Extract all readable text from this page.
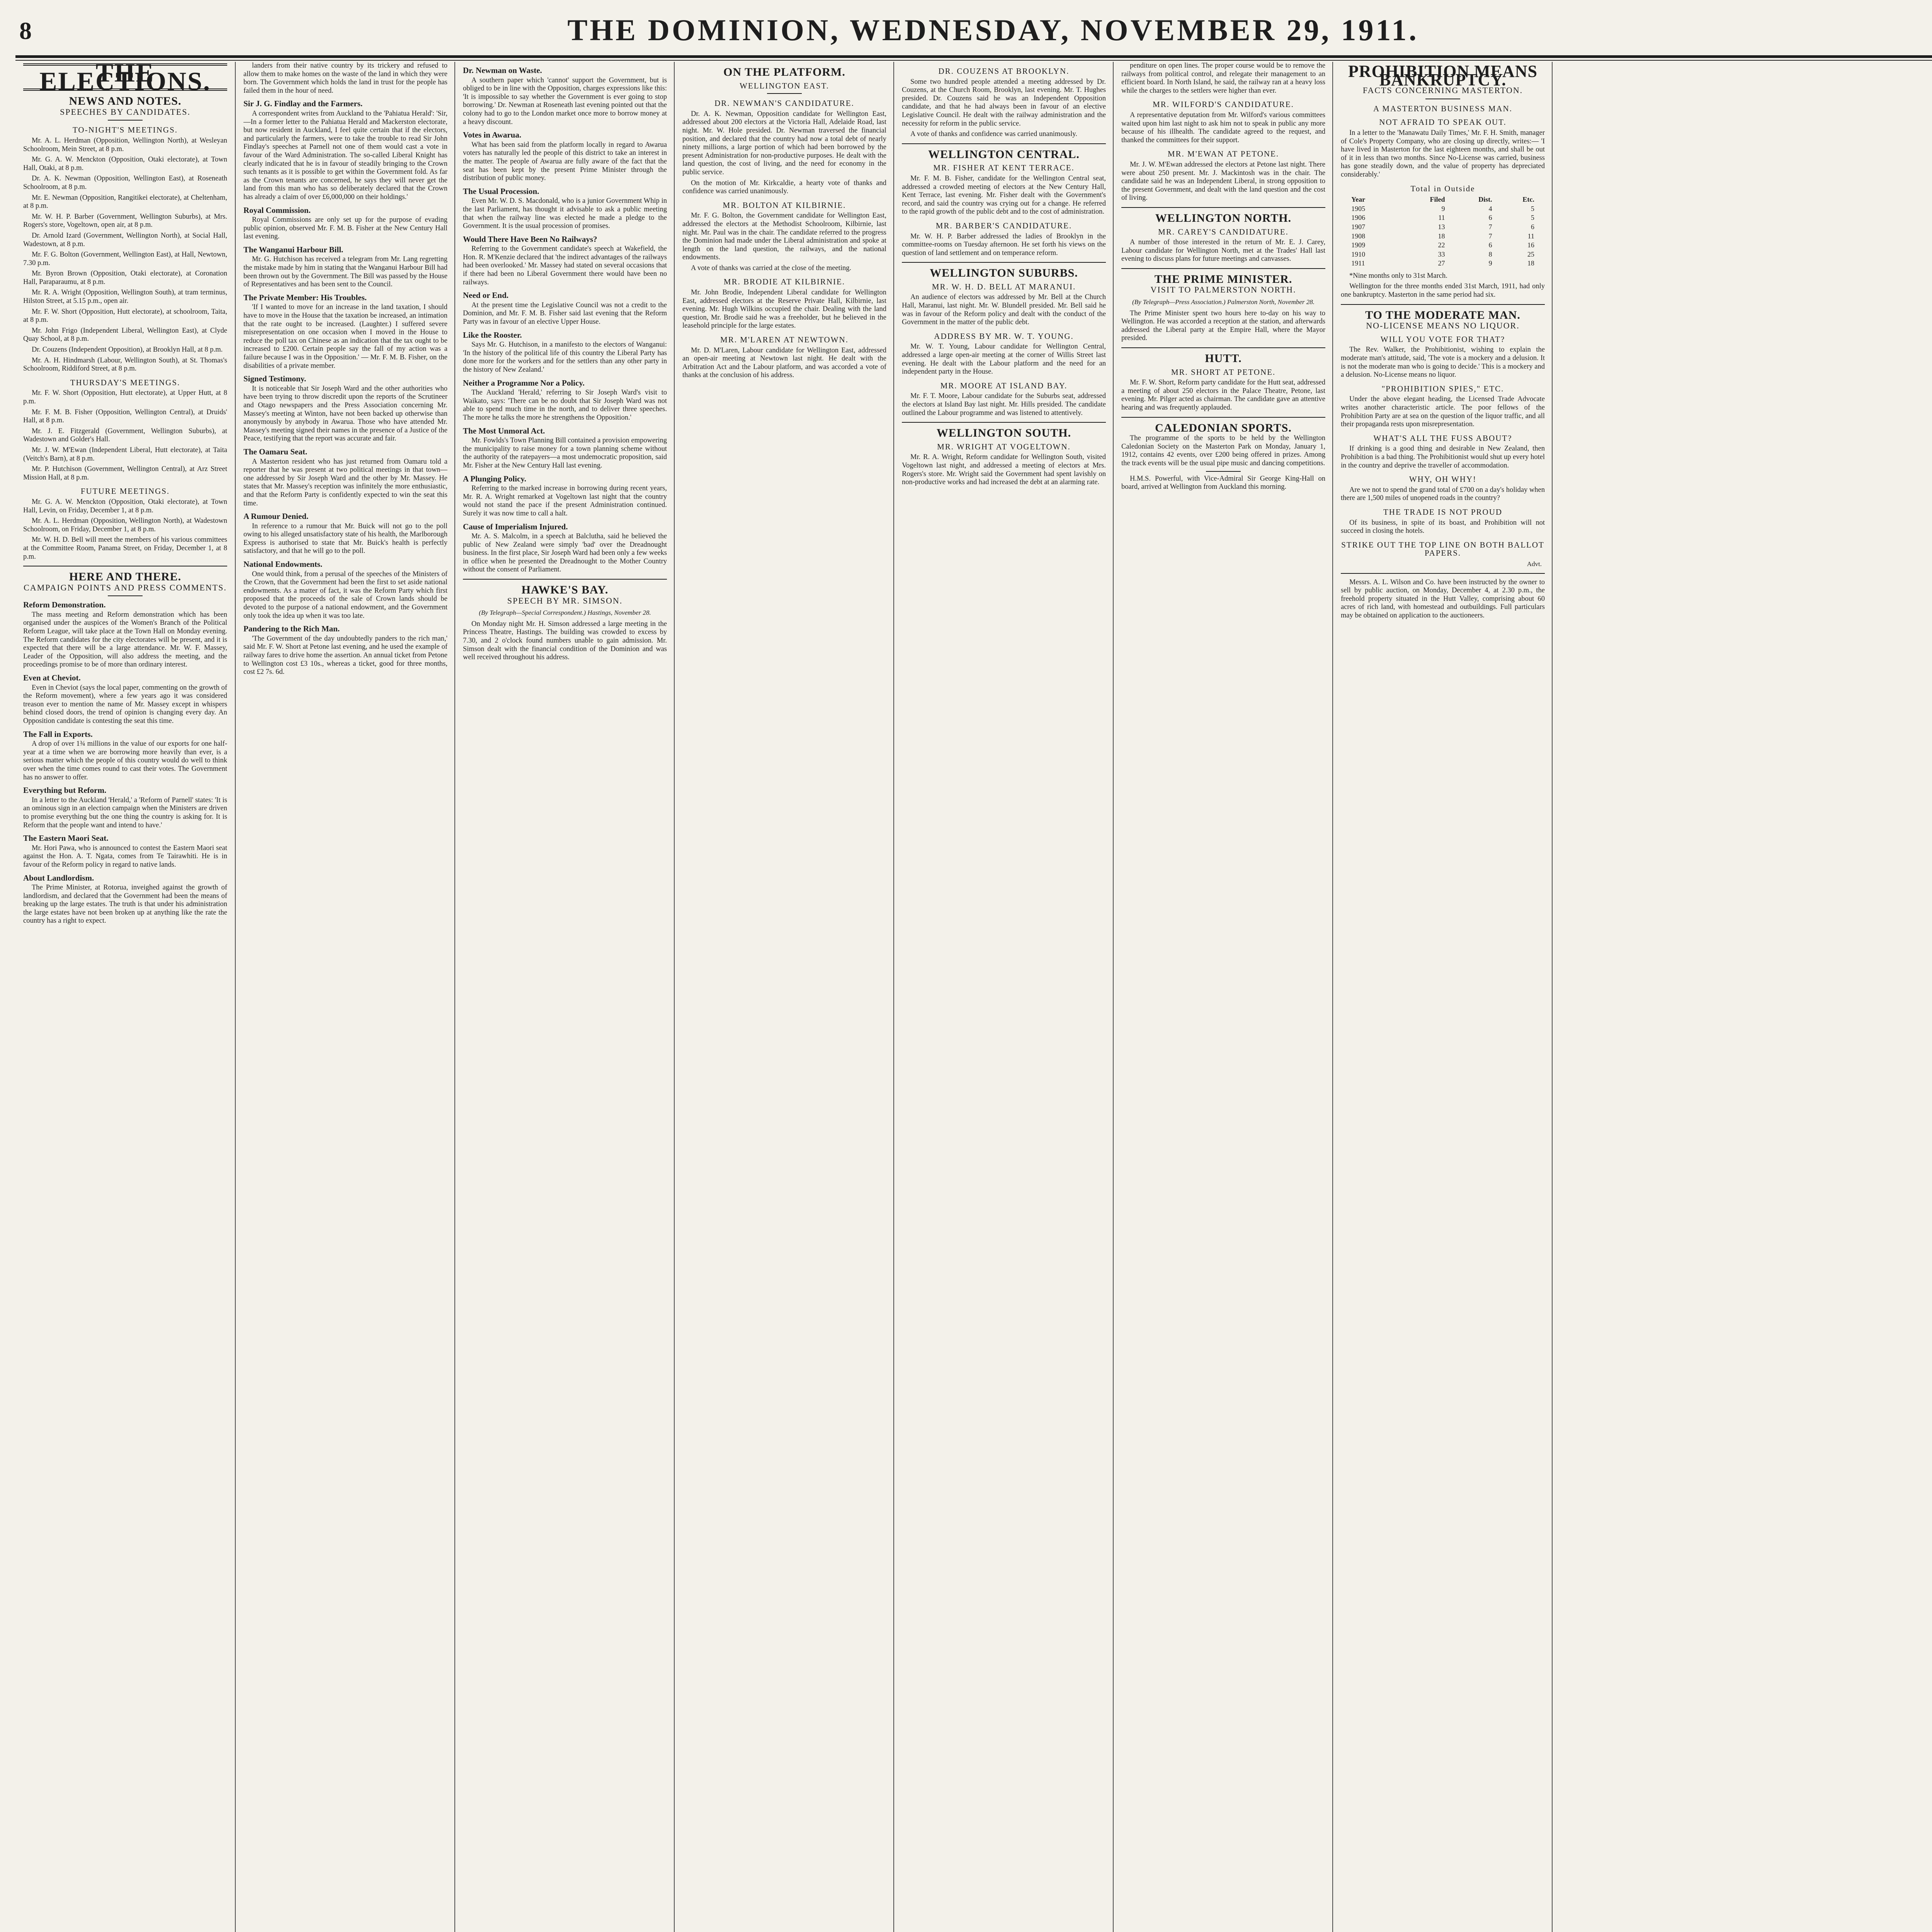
8	THE DOMINION, WEDNESDAY, NOVEMBER 29, 1911.
THE ELECTIONS.
NEWS AND NOTES.
SPEECHES BY CANDIDATES.
TO-NIGHT'S MEETINGS.

Mr. A. L. Herdman (Opposition, Wellington North), at Wesleyan Schoolroom, Mein Street, at 8 p.m.

Mr. G. A. W. Menckton (Opposition, Otaki electorate), at Town Hall, Otaki, at 8 p.m.

Dr. A. K. Newman (Opposition, Wellington East), at Roseneath Schoolroom, at 8 p.m.

Mr. E. Newman (Opposition, Rangitikei electorate), at Cheltenham, at 8 p.m.

Mr. W. H. P. Barber (Government, Wellington Suburbs), at Mrs. Rogers's store, Vogeltown, open air, at 8 p.m.

Dr. Arnold Izard (Government, Wellington North), at Social Hall, Wadestown, at 8 p.m.

Mr. F. G. Bolton (Government, Wellington East), at Hall, Newtown, 7.30 p.m.

Mr. Byron Brown (Opposition, Otaki electorate), at Coronation Hall, Paraparaumu, at 8 p.m.

Mr. R. A. Wright (Opposition, Wellington South), at tram terminus, Hilston Street, at 5.15 p.m., open air.

Mr. F. W. Short (Opposition, Hutt electorate), at schoolroom, Taita, at 8 p.m.

Mr. John Frigo (Independent Liberal, Wellington East), at Clyde Quay School, at 8 p.m.

Dr. Couzens (Independent Opposition), at Brooklyn Hall, at 8 p.m.

Mr. A. H. Hindmarsh (Labour, Wellington South), at St. Thomas's Schoolroom, Riddiford Street, at 8 p.m.

THURSDAY'S MEETINGS.

Mr. F. W. Short (Opposition, Hutt electorate), at Upper Hutt, at 8 p.m.

Mr. F. M. B. Fisher (Opposition, Wellington Central), at Druids' Hall, at 8 p.m.

Mr. J. E. Fitzgerald (Government, Wellington Suburbs), at Wadestown and Golder's Hall.

Mr. J. W. M'Ewan (Independent Liberal, Hutt electorate), at Taita (Veitch's Barn), at 8 p.m.

Mr. P. Hutchison (Government, Wellington Central), at Arz Street Mission Hall, at 8 p.m.

FUTURE MEETINGS.

Mr. G. A. W. Menckton (Opposition, Otaki electorate), at Town Hall, Levin, on Friday, December 1, at 8 p.m.

Mr. A. L. Herdman (Opposition, Wellington North), at Wadestown Schoolroom, on Friday, December 1, at 8 p.m.

Mr. W. H. D. Bell will meet the members of his various committees at the Committee Room, Panama Street, on Friday, December 1, at 8 p.m.

HERE AND THERE.
CAMPAIGN POINTS AND PRESS COMMENTS.
Reform Demonstration.

The mass meeting and Reform demonstration which has been organised under the auspices of the Women's Branch of the Political Reform League, will take place at the Town Hall on Monday evening. The Reform candidates for the city electorates will be present, and it is expected that there will be a large attendance. Mr. W. F. Massey, Leader of the Opposition, will also address the meeting, and the proceedings promise to be of more than ordinary interest.

Even at Cheviot.

Even in Cheviot (says the local paper, commenting on the growth of the Reform movement), where a few years ago it was considered treason ever to mention the name of Mr. Massey except in whispers behind closed doors, the trend of opinion is changing every day. An Opposition candidate is contesting the seat this time.

The Fall in Exports.

A drop of over 1¾ millions in the value of our exports for one half-year at a time when we are borrowing more heavily than ever, is a serious matter which the people of this country would do well to think over when the time comes round to cast their votes. The Government has no answer to offer.

Everything but Reform.

In a letter to the Auckland 'Herald,' a 'Reform of Parnell' states: 'It is an ominous sign in an election campaign when the Ministers are driven to promise everything but the one thing the country is asking for. It is Reform that the people want and intend to have.'

The Eastern Maori Seat.

Mr. Hori Pawa, who is announced to contest the Eastern Maori seat against the Hon. A. T. Ngata, comes from Te Tairawhiti. He is in favour of the Reform policy in regard to native lands.

About Landlordism.

The Prime Minister, at Rotorua, inveighed against the growth of landlordism, and declared that the Government had been the means of breaking up the large estates. The truth is that under his administration the large estates have not been broken up at anything like the rate the country has a right to expect.

landers from their native country by its trickery and refused to allow them to make homes on the waste of the land in which they were born. The Government which holds the land in trust for the people has failed them in the hour of need.

Sir J. G. Findlay and the Farmers.

A correspondent writes from Auckland to the 'Pahiatua Herald': 'Sir,—In a former letter to the Pahiatua Herald and Mackerston electorate, but now resident in Auckland, I feel quite certain that if the electors, and particularly the farmers, were to take the trouble to read Sir John Findlay's speeches at Parnell not one of them would cast a vote in favour of the Ward Administration. The so-called Liberal Knight has clearly indicated that he is in favour of steadily bringing to the Crown such tenants as it is possible to get within the Government fold. As far as the Crown tenants are concerned, he says they will never get the land from this man who has so deliberately declared that the Crown has already a claim of over £6,000,000 on their holdings.'

Royal Commission.

Royal Commissions are only set up for the purpose of evading public opinion, observed Mr. F. M. B. Fisher at the New Century Hall last evening.

The Wanganui Harbour Bill.

Mr. G. Hutchison has received a telegram from Mr. Lang regretting the mistake made by him in stating that the Wanganui Harbour Bill had been thrown out by the Government. The Bill was passed by the House of Representatives and has been sent to the Council.

The Private Member: His Troubles.

'If I wanted to move for an increase in the land taxation, I should have to move in the House that the taxation be increased, an intimation that the rate ought to be increased. (Laughter.) I suffered severe misrepresentation on one occasion when I moved in the House to reduce the poll tax on Chinese as an indication that the tax ought to be increased to £200. Certain people say the fall of my action was a failure because I was in the Opposition.' — Mr. F. M. B. Fisher, on the disabilities of a private member.

Signed Testimony.

It is noticeable that Sir Joseph Ward and the other authorities who have been trying to throw discredit upon the reports of the Scrutineer and Otago newspapers and the Press Association concerning Mr. Massey's meeting at Winton, have not been backed up otherwise than anonymously by anybody in Awarua. Those who have attended Mr. Massey's meeting signed their names in the presence of a Justice of the Peace, testifying that the report was accurate and fair.

The Oamaru Seat.

A Masterton resident who has just returned from Oamaru told a reporter that he was present at two political meetings in that town—one addressed by Sir Joseph Ward and the other by Mr. Massey. He states that Mr. Massey's reception was infinitely the more enthusiastic, and that the Reform Party is confidently expected to win the seat this time.

A Rumour Denied.

In reference to a rumour that Mr. Buick will not go to the poll owing to his alleged unsatisfactory state of his health, the Marlborough Express is authorised to state that Mr. Buick's health is perfectly satisfactory, and that he will go to the poll.

National Endowments.

One would think, from a perusal of the speeches of the Ministers of the Crown, that the Government had been the first to set aside national endowments. As a matter of fact, it was the Reform Party which first proposed that the proceeds of the sale of Crown lands should be devoted to the purpose of a national endowment, and the Government only took the idea up when it was too late.

Pandering to the Rich Man.

'The Government of the day undoubtedly panders to the rich man,' said Mr. F. W. Short at Petone last evening, and he used the example of railway fares to drive home the assertion. An annual ticket from Petone to Wellington cost £3 10s., whereas a ticket, good for three months, cost £2 7s. 6d.

Dr. Newman on Waste.

A southern paper which 'cannot' support the Government, but is obliged to be in line with the Opposition, charges expressions like this: 'It is impossible to say whether the Government is ever going to stop borrowing.' Dr. Newman at Roseneath last evening pointed out that the colony had to go to the London market once more to borrow money at a heavy discount.

Votes in Awarua.

What has been said from the platform locally in regard to Awarua voters has naturally led the people of this district to take an interest in the matter. The people of Awarua are fully aware of the fact that the seat has been kept by the present Prime Minister through the distribution of public money.

The Usual Procession.

Even Mr. W. D. S. Macdonald, who is a junior Government Whip in the last Parliament, has thought it advisable to ask a public meeting that when the railway line was elected he made a pledge to the Government. It is the usual procession of promises.

Would There Have Been No Railways?

Referring to the Government candidate's speech at Wakefield, the Hon. R. M'Kenzie declared that 'the indirect advantages of the railways had been overlooked.' Mr. Massey had stated on several occasions that if there had been no Liberal Government there would have been no railways.

Need or End.

At the present time the Legislative Council was not a credit to the Dominion, and Mr. F. M. B. Fisher said last evening that the Reform Party was in favour of an elective Upper House.

Like the Rooster.

Says Mr. G. Hutchison, in a manifesto to the electors of Wanganui: 'In the history of the political life of this country the Liberal Party has done more for the workers and for the settlers than any other party in the history of New Zealand.'

Neither a Programme Nor a Policy.

The Auckland 'Herald,' referring to Sir Joseph Ward's visit to Waikato, says: 'There can be no doubt that Sir Joseph Ward was not able to spend much time in the north, and to deliver three speeches. The more he talks the more he strengthens the Opposition.'

The Most Unmoral Act.

Mr. Fowlds's Town Planning Bill contained a provision empowering the municipality to raise money for a town planning scheme without the authority of the ratepayers—a most undemocratic proposition, said Mr. Fisher at the New Century Hall last evening.

A Plunging Policy.

Referring to the marked increase in borrowing during recent years, Mr. R. A. Wright remarked at Vogeltown last night that the country would not stand the pace if the present Administration continued. Surely it was now time to call a halt.

Cause of Imperialism Injured.

Mr. A. S. Malcolm, in a speech at Balclutha, said he believed the public of New Zealand were simply 'bad' over the Dreadnought business. In the first place, Sir Joseph Ward had been only a few weeks in office when he presented the Dreadnought to the Mother Country without the consent of Parliament.

HAWKE'S BAY.
SPEECH BY MR. SIMSON.
(By Telegraph—Special Correspondent.) Hastings, November 28.

On Monday night Mr. H. Simson addressed a large meeting in the Princess Theatre, Hastings. The building was crowded to excess by 7.30, and 2 o'clock found numbers unable to gain admission. Mr. Simson dealt with the financial condition of the Dominion and was well received throughout his address.

ON THE PLATFORM.
WELLINGTON EAST.
DR. NEWMAN'S CANDIDATURE.

Dr. A. K. Newman, Opposition candidate for Wellington East, addressed about 200 electors at the Victoria Hall, Adelaide Road, last night. Mr. W. Hole presided. Dr. Newman traversed the financial position, and declared that the country had now a total debt of nearly ninety millions, a large portion of which had been borrowed by the present Administration for non-productive purposes. He dealt with the land question, the cost of living, and the need for economy in the public service.

On the motion of Mr. Kirkcaldie, a hearty vote of thanks and confidence was carried unanimously.

MR. BOLTON AT KILBIRNIE.

Mr. F. G. Bolton, the Government candidate for Wellington East, addressed the electors at the Methodist Schoolroom, Kilbirnie, last night. Mr. Paul was in the chair. The candidate referred to the progress the Dominion had made under the Liberal administration and spoke at length on the land question, the railways, and the national endowments.

A vote of thanks was carried at the close of the meeting.

MR. BRODIE AT KILBIRNIE.

Mr. John Brodie, Independent Liberal candidate for Wellington East, addressed electors at the Reserve Private Hall, Kilbirnie, last evening. Mr. Hugh Wilkins occupied the chair. Dealing with the land question, Mr. Brodie said he was a freeholder, but he believed in the leasehold principle for the large estates.

MR. M'LAREN AT NEWTOWN.

Mr. D. M'Laren, Labour candidate for Wellington East, addressed an open-air meeting at Newtown last night. He dealt with the Arbitration Act and the Labour platform, and was accorded a vote of thanks at the conclusion of his address.

DR. COUZENS AT BROOKLYN.

Some two hundred people attended a meeting addressed by Dr. Couzens, at the Church Room, Brooklyn, last evening. Mr. T. Hughes presided. Dr. Couzens said he was an Independent Opposition candidate, and that he had always been in favour of an elective Legislative Council. He dealt with the railway administration and the necessity for reform in the public service.

A vote of thanks and confidence was carried unanimously.

WELLINGTON CENTRAL.
MR. FISHER AT KENT TERRACE.

Mr. F. M. B. Fisher, candidate for the Wellington Central seat, addressed a crowded meeting of electors at the New Century Hall, Kent Terrace, last evening. Mr. Fisher dealt with the Government's record, and said the country was crying out for a change. He referred to the rapid growth of the public debt and to the cost of administration.

MR. BARBER'S CANDIDATURE.

Mr. W. H. P. Barber addressed the ladies of Brooklyn in the committee-rooms on Tuesday afternoon. He set forth his views on the question of land settlement and on temperance reform.

WELLINGTON SUBURBS.
MR. W. H. D. BELL AT MARANUI.

An audience of electors was addressed by Mr. Bell at the Church Hall, Maranui, last night. Mr. W. Blundell presided. Mr. Bell said he was in favour of the Reform policy and dealt with the conduct of the Government in the matter of the public debt.

ADDRESS BY MR. W. T. YOUNG.

Mr. W. T. Young, Labour candidate for Wellington Central, addressed a large open-air meeting at the corner of Willis Street last evening. He dealt with the Labour platform and the need for an independent party in the House.

MR. MOORE AT ISLAND BAY.

Mr. F. T. Moore, Labour candidate for the Suburbs seat, addressed the electors at Island Bay last night. Mr. Hills presided. The candidate outlined the Labour programme and was listened to attentively.

WELLINGTON SOUTH.
MR. WRIGHT AT VOGELTOWN.

Mr. R. A. Wright, Reform candidate for Wellington South, visited Vogeltown last night, and addressed a meeting of electors at Mrs. Rogers's store. Mr. Wright said the Government had spent lavishly on non-productive works and had increased the debt at an alarming rate.

penditure on open lines. The proper course would be to remove the railways from political control, and relegate their management to an efficient board. In North Island, he said, the railway ran at a heavy loss while the charges to the settlers were higher than ever.

MR. WILFORD'S CANDIDATURE.

A representative deputation from Mr. Wilford's various committees waited upon him last night to ask him not to speak in public any more because of his illhealth. The candidate agreed to the request, and thanked the committees for their support.

MR. M'EWAN AT PETONE.

Mr. J. W. M'Ewan addressed the electors at Petone last night. There were about 250 present. Mr. J. Mackintosh was in the chair. The candidate said he was an Independent Liberal, in strong opposition to the present Government, and dealt with the land question and the cost of living.

WELLINGTON NORTH.
MR. CAREY'S CANDIDATURE.

A number of those interested in the return of Mr. E. J. Carey, Labour candidate for Wellington North, met at the Trades' Hall last evening to discuss plans for future meetings and canvasses.

THE PRIME MINISTER.
VISIT TO PALMERSTON NORTH.
(By Telegraph—Press Association.) Palmerston North, November 28.

The Prime Minister spent two hours here to-day on his way to Wellington. He was accorded a reception at the station, and afterwards addressed the Liberal party at the Empire Hall, where the Mayor presided.

HUTT.
MR. SHORT AT PETONE.

Mr. F. W. Short, Reform party candidate for the Hutt seat, addressed a meeting of about 250 electors in the Palace Theatre, Petone, last evening. Mr. Pilger acted as chairman. The candidate gave an attentive hearing and was frequently applauded.

CALEDONIAN SPORTS.

The programme of the sports to be held by the Wellington Caledonian Society on the Masterton Park on Monday, January 1, 1912, contains 42 events, over £200 being offered in prizes. Among the track events will be the usual pipe music and dancing competitions.

H.M.S. Powerful, with Vice-Admiral Sir George King-Hall on board, arrived at Wellington from Auckland this morning.

PROHIBITION MEANS BANKRUPTCY.
FACTS CONCERNING MASTERTON.
A MASTERTON BUSINESS MAN.
NOT AFRAID TO SPEAK OUT.

In a letter to the 'Manawatu Daily Times,' Mr. F. H. Smith, manager of Cole's Property Company, who are closing up directly, writes:— 'I have lived in Masterton for the last eighteen months, and shall be out of it in less than two months. Since No-License was carried, business has gone steadily down, and the value of property has depreciated considerably.'

Total in Outside
Year	Filed	Dist.	Etc.
1905	9	4	5
1906	11	6	5
1907	13	7	6
1908	18	7	11
1909	22	6	16
1910	33	8	25
1911	27	9	18

*Nine months only to 31st March.

Wellington for the three months ended 31st March, 1911, had only one bankruptcy. Masterton in the same period had six.

TO THE MODERATE MAN.
NO-LICENSE MEANS NO LIQUOR.
WILL YOU VOTE FOR THAT?

The Rev. Walker, the Prohibitionist, wishing to explain the moderate man's attitude, said, 'The vote is a mockery and a delusion. It is not the moderate man who is going to decide.' This is a mockery and a delusion. No-License means no liquor.

"PROHIBITION SPIES," ETC.

Under the above elegant heading, the Licensed Trade Advocate writes another characteristic article. The poor fellows of the Prohibition Party are at sea on the question of the liquor traffic, and all their propaganda rests upon misrepresentation.

WHAT'S ALL THE FUSS ABOUT?

If drinking is a good thing and desirable in New Zealand, then Prohibition is a bad thing. The Prohibitionist would shut up every hotel in the country and deprive the traveller of accommodation.

WHY, OH WHY!

Are we not to spend the grand total of £700 on a day's holiday when there are 1,500 miles of unopened roads in the country?

THE TRADE IS NOT PROUD

Of its business, in spite of its boast, and Prohibition will not succeed in closing the hotels.

STRIKE OUT THE TOP LINE ON BOTH BALLOT PAPERS.
Advt.

Messrs. A. L. Wilson and Co. have been instructed by the owner to sell by public auction, on Monday, December 4, at 2.30 p.m., the freehold property situated in the Hutt Valley, comprising about 60 acres of rich land, with homestead and outbuildings. Full particulars may be obtained on application to the auctioneers.
